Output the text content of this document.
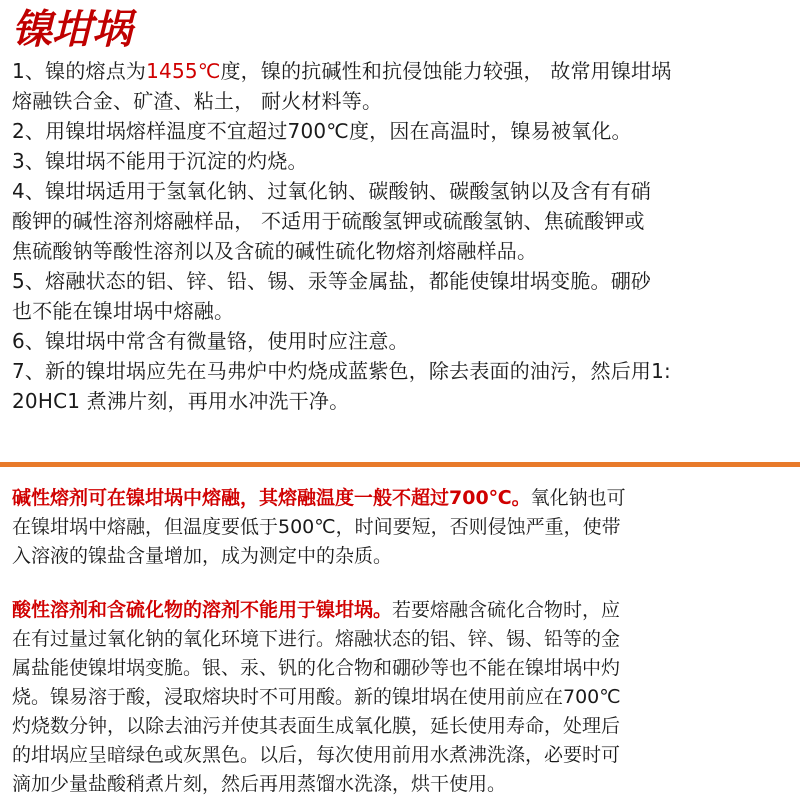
镍坩埚
1、镍的熔点为1455℃度，镍的抗碱性和抗侵蚀能力较强， 故常用镍坩埚
熔融铁合金、矿渣、粘土， 耐火材料等。
2、用镍坩埚熔样温度不宜超过700℃度，因在高温时，镍易被氧化。
3、镍坩埚不能用于沉淀的灼烧。
4、镍坩埚适用于氢氧化钠、过氧化钠、碳酸钠、碳酸氢钠以及含有有硝
酸钾的碱性溶剂熔融样品， 不适用于硫酸氢钾或硫酸氢钠、焦硫酸钾或
焦硫酸钠等酸性溶剂以及含硫的碱性硫化物熔剂熔融样品。
5、熔融状态的铝、锌、铅、锡、汞等金属盐，都能使镍坩埚变脆。硼砂
也不能在镍坩埚中熔融。
6、镍坩埚中常含有微量铬，使用时应注意。
7、新的镍坩埚应先在马弗炉中灼烧成蓝紫色，除去表面的油污，然后用1:
20HC1 煮沸片刻，再用水冲洗干净。
碱性熔剂可在镍坩埚中熔融，其熔融温度一般不超过700℃。氧化钠也可
在镍坩埚中熔融，但温度要低于500℃，时间要短，否则侵蚀严重，使带
入溶液的镍盐含量增加，成为测定中的杂质。
酸性溶剂和含硫化物的溶剂不能用于镍坩埚。若要熔融含硫化合物时，应
在有过量过氧化钠的氧化环境下进行。熔融状态的铝、锌、锡、铅等的金
属盐能使镍坩埚变脆。银、汞、钒的化合物和硼砂等也不能在镍坩埚中灼
烧。镍易溶于酸，浸取熔块时不可用酸。新的镍坩埚在使用前应在700℃
灼烧数分钟，以除去油污并使其表面生成氧化膜，延长使用寿命，处理后
的坩埚应呈暗绿色或灰黑色。以后，每次使用前用水煮沸洗涤，必要时可
滴加少量盐酸稍煮片刻，然后再用蒸馏水洗涤，烘干使用。
